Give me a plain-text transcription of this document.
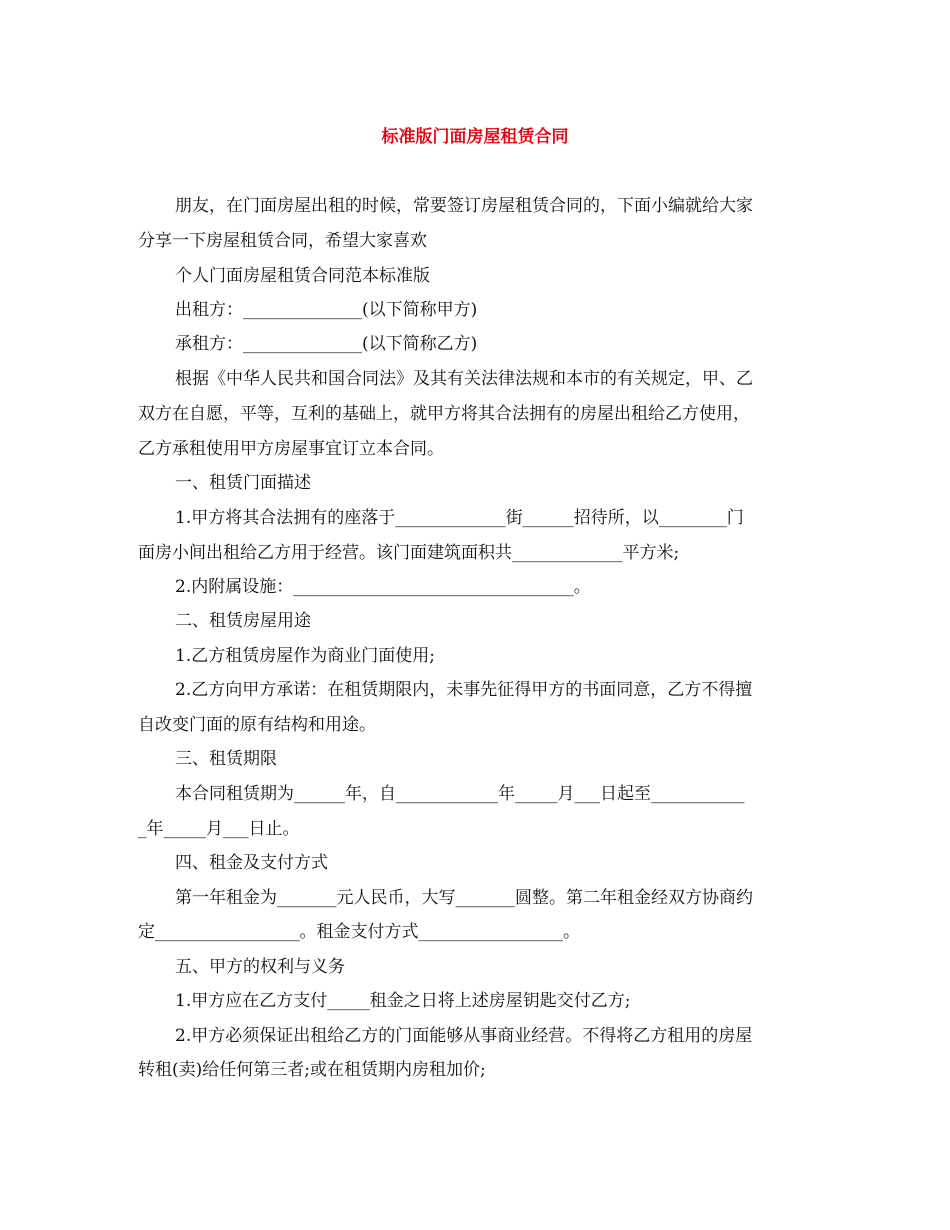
标准版门面房屋租赁合同
朋友，在门面房屋出租的时候，常要签订房屋租赁合同的，下面小编就给大家
分享一下房屋租赁合同，希望大家喜欢
个人门面房屋租赁合同范本标准版
出租方：______________(以下简称甲方)
承租方：______________(以下简称乙方)
根据《中华人民共和国合同法》及其有关法律法规和本市的有关规定，甲、乙
双方在自愿，平等，互利的基础上，就甲方将其合法拥有的房屋出租给乙方使用，
乙方承租使用甲方房屋事宜订立本合同。
一、租赁门面描述
1.甲方将其合法拥有的座落于_____________街______招待所，以________门
面房小间出租给乙方用于经营。该门面建筑面积共_____________平方米;
2.内附属设施：_________________________________。
二、租赁房屋用途
1.乙方租赁房屋作为商业门面使用;
2.乙方向甲方承诺：在租赁期限内，未事先征得甲方的书面同意，乙方不得擅
自改变门面的原有结构和用途。
三、租赁期限
本合同租赁期为______年，自____________年_____月___日起至___________
_年_____月___日止。
四、租金及支付方式
第一年租金为_______元人民币，大写_______圆整。第二年租金经双方协商约
定_________________。租金支付方式_________________。
五、甲方的权利与义务
1.甲方应在乙方支付_____租金之日将上述房屋钥匙交付乙方;
2.甲方必须保证出租给乙方的门面能够从事商业经营。不得将乙方租用的房屋
转租(卖)给任何第三者;或在租赁期内房租加价;
